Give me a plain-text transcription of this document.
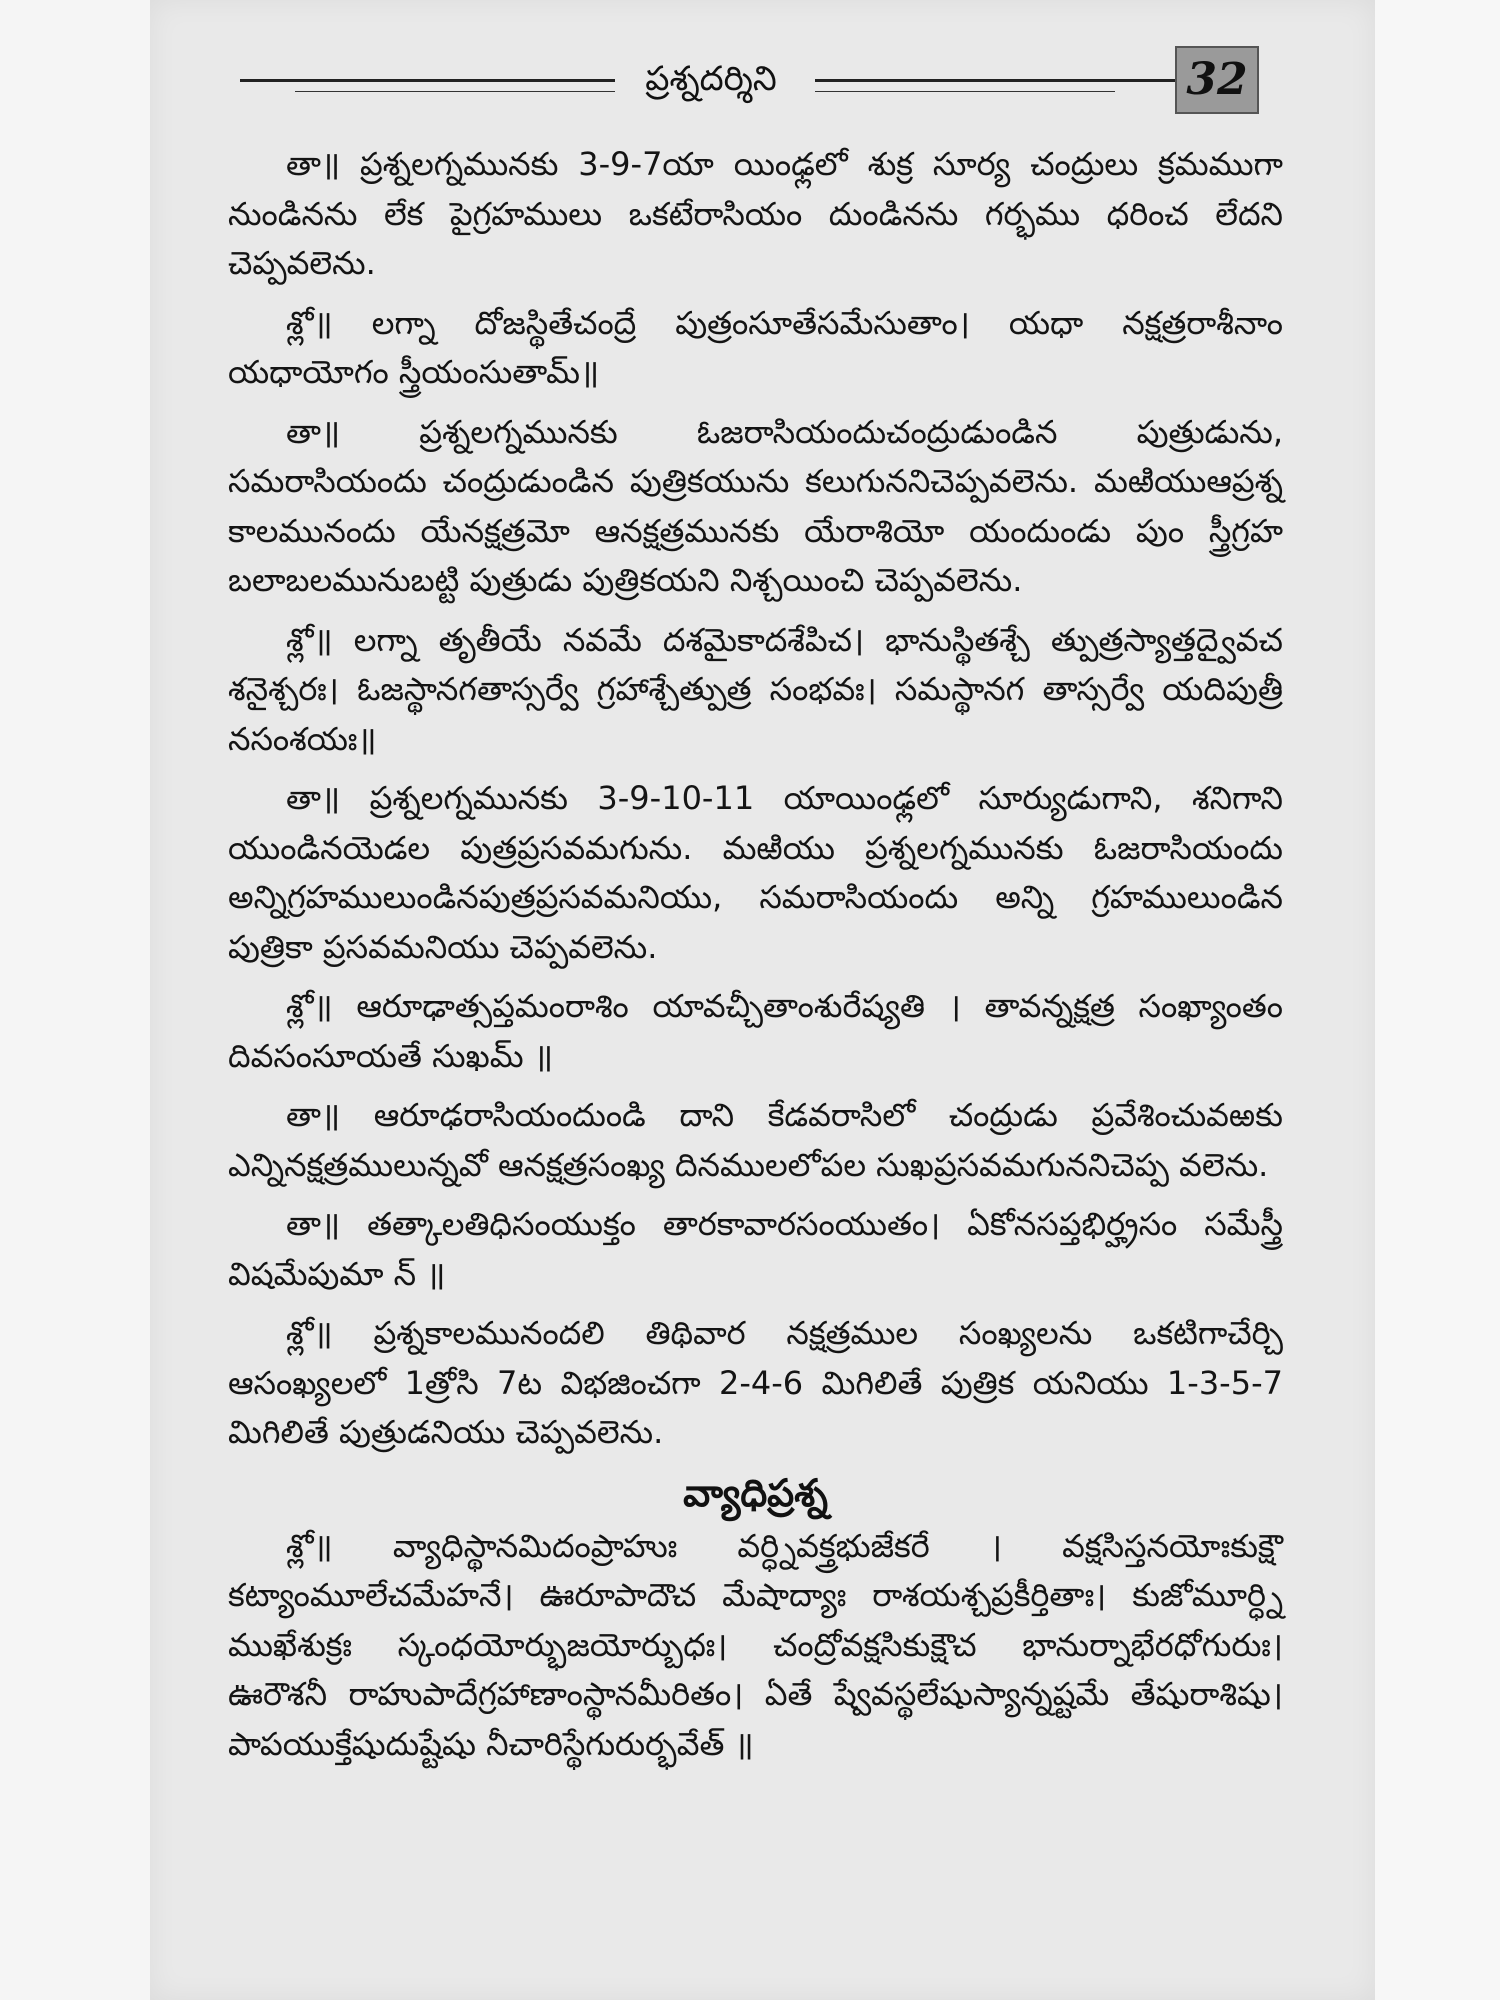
ప్రశ్నదర్శిని	32

తా॥ ప్రశ్నలగ్నమునకు 3-9-7యా యింఢ్లలో శుక్ర సూర్య చంద్రులు క్రమముగా నుండినను లేక పైగ్రహములు ఒకటేరాసియం దుండినను గర్భము ధరించ లేదని చెప్పవలెను.

శ్లో॥ లగ్నా దోజస్థితేచంద్రే పుత్రంసూతేసమేసుతాం। యధా నక్షత్రరాశీనాం యధాయోగం స్త్రీయంసుతామ్॥

తా॥ ప్రశ్నలగ్నమునకు ఓజరాసియందుచంద్రుడుండిన పుత్రుడును, సమరాసియందు చంద్రుడుండిన పుత్రికయును కలుగుననిచెప్పవలెను. మఱియుఆప్రశ్న కాలమునందు యేనక్షత్రమో ఆనక్షత్రమునకు యేరాశియో యందుండు పుం స్త్రీగ్రహ బలాబలమునుబట్టి పుత్రుడు పుత్రికయని నిశ్చయించి చెప్పవలెను.

శ్లో॥ లగ్నా తృతీయే నవమే దశమైకాదశేపిచ। భానుస్థితశ్చే త్పుత్రస్యాత్తద్వైవచ శనైశ్చరః। ఓజస్థానగతాస్సర్వే గ్రహాశ్చేత్పుత్ర సంభవః। సమస్థానగ తాస్సర్వే యదిపుత్రీ నసంశయః॥

తా॥ ప్రశ్నలగ్నమునకు 3-9-10-11 యాయింఢ్లలో సూర్యుడుగాని, శనిగాని యుండినయెడల పుత్రప్రసవమగును. మఱియు ప్రశ్నలగ్నమునకు ఓజరాసియందు అన్నిగ్రహములుండినపుత్రప్రసవమనియు, సమరాసియందు అన్ని గ్రహములుండిన పుత్రికా ప్రసవమనియు చెప్పవలెను.

శ్లో॥ ఆరూఢాత్సప్తమంరాశిం యావచ్చీతాంశురేష్యతి । తావన్నక్షత్ర సంఖ్యాంతం దివసంసూయతే సుఖమ్ ॥

తా॥ ఆరూఢరాసియందుండి దాని కేడవరాసిలో చంద్రుడు ప్రవేశించువఱకు ఎన్నినక్షత్రములున్నవో ఆనక్షత్రసంఖ్య దినములలోపల సుఖప్రసవమగుననిచెప్ప వలెను.

తా॥ తత్కాలతిధిసంయుక్తం తారకావారసంయుతం। ఏకోనసప్తభిర్హ్రసం సమేస్త్రీ విషమేపుమా న్ ॥

శ్లో॥ ప్రశ్నకాలమునందలి తిథివార నక్షత్రముల సంఖ్యలను ఒకటిగాచేర్చి ఆసంఖ్యలలో 1త్రోసి 7ట విభజించగా 2-4-6 మిగిలితే పుత్రిక యనియు 1-3-5-7 మిగిలితే పుత్రుడనియు చెప్పవలెను.

వ్యాధిప్రశ్న

శ్లో॥ వ్యాధిస్థానమిదంప్రాహుః వర్ధ్నివక్త్రభుజేకరే । వక్షసిస్తనయోఃకుక్షౌ కట్యాంమూలేచమేహనే। ఊరూపాదౌచ మేషాద్యాః రాశయశ్చప్రకీర్తితాః। కుజోమూర్ధ్ని ముఖేశుక్రః స్కంధయోర్భుజయోర్బుధః। చంద్రోవక్షసికుక్షౌచ భానుర్నాభేరధోగురుః। ఊరౌశనీ రాహుపాదేగ్రహాణాంస్థానమీరితం। ఏతే ష్వేవస్థలేషుస్యాన్నష్టమే తేషురాశిషు। పాపయుక్తేషుదుష్టేషు నీచారిస్థేగురుర్భవేత్ ॥
